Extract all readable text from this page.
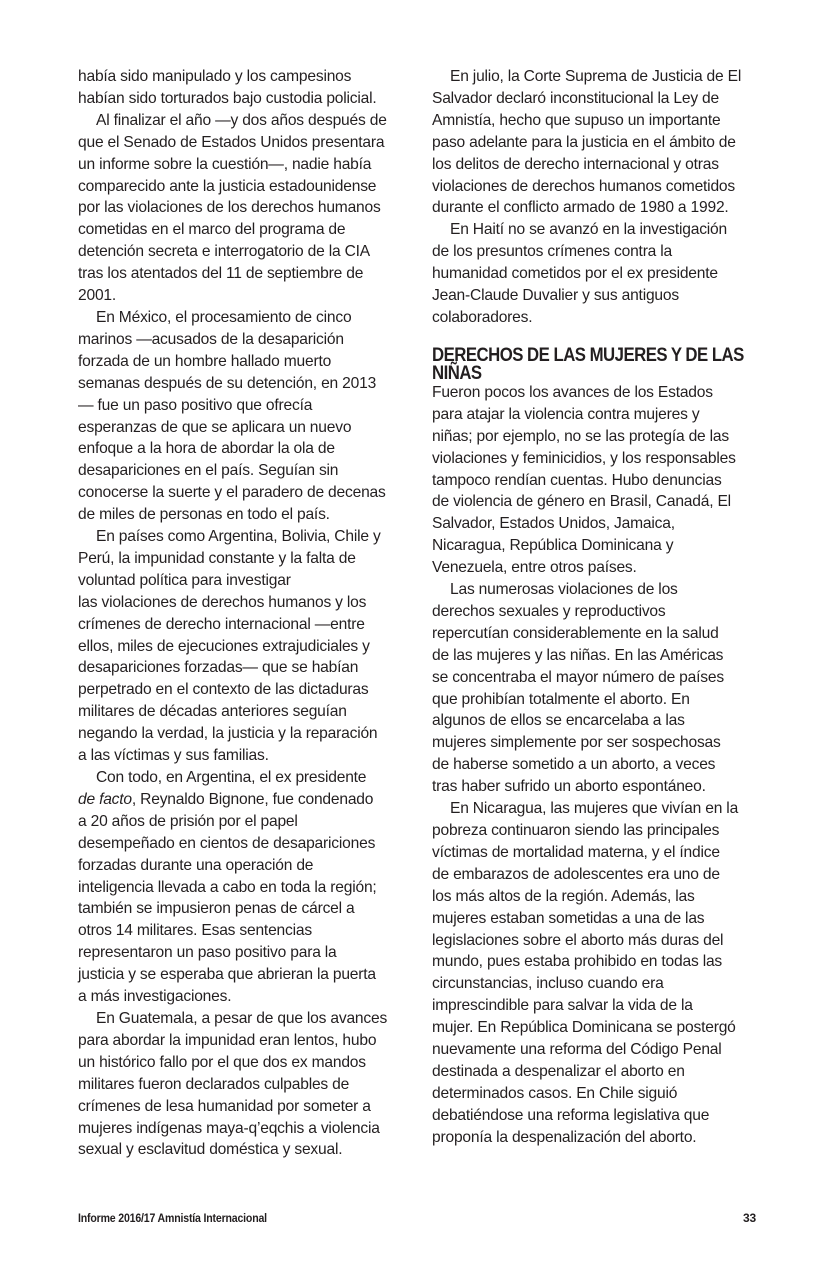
había sido manipulado y los campesinos
habían sido torturados bajo custodia policial.

Al finalizar el año —y dos años después de
que el Senado de Estados Unidos presentara
un informe sobre la cuestión—, nadie había
comparecido ante la justicia estadounidense
por las violaciones de los derechos humanos
cometidas en el marco del programa de
detención secreta e interrogatorio de la CIA
tras los atentados del 11 de septiembre de
2001.

En México, el procesamiento de cinco
marinos —acusados de la desaparición
forzada de un hombre hallado muerto
semanas después de su detención, en 2013
— fue un paso positivo que ofrecía
esperanzas de que se aplicara un nuevo
enfoque a la hora de abordar la ola de
desapariciones en el país. Seguían sin
conocerse la suerte y el paradero de decenas
de miles de personas en todo el país.

En países como Argentina, Bolivia, Chile y
Perú, la impunidad constante y la falta de
voluntad política para investigar
las violaciones de derechos humanos y los
crímenes de derecho internacional —entre
ellos, miles de ejecuciones extrajudiciales y
desapariciones forzadas— que se habían
perpetrado en el contexto de las dictaduras
militares de décadas anteriores seguían
negando la verdad, la justicia y la reparación
a las víctimas y sus familias.

Con todo, en Argentina, el ex presidente
de facto, Reynaldo Bignone, fue condenado
a 20 años de prisión por el papel
desempeñado en cientos de desapariciones
forzadas durante una operación de
inteligencia llevada a cabo en toda la región;
también se impusieron penas de cárcel a
otros 14 militares. Esas sentencias
representaron un paso positivo para la
justicia y se esperaba que abrieran la puerta
a más investigaciones.

En Guatemala, a pesar de que los avances
para abordar la impunidad eran lentos, hubo
un histórico fallo por el que dos ex mandos
militares fueron declarados culpables de
crímenes de lesa humanidad por someter a
mujeres indígenas maya-q’eqchis a violencia
sexual y esclavitud doméstica y sexual.

En julio, la Corte Suprema de Justicia de El
Salvador declaró inconstitucional la Ley de
Amnistía, hecho que supuso un importante
paso adelante para la justicia en el ámbito de
los delitos de derecho internacional y otras
violaciones de derechos humanos cometidos
durante el conflicto armado de 1980 a 1992.

En Haití no se avanzó en la investigación
de los presuntos crímenes contra la
humanidad cometidos por el ex presidente
Jean-Claude Duvalier y sus antiguos
colaboradores.

DERECHOS DE LAS MUJERES Y DE LAS NIÑAS

Fueron pocos los avances de los Estados
para atajar la violencia contra mujeres y
niñas; por ejemplo, no se las protegía de las
violaciones y feminicidios, y los responsables
tampoco rendían cuentas. Hubo denuncias
de violencia de género en Brasil, Canadá, El
Salvador, Estados Unidos, Jamaica,
Nicaragua, República Dominicana y
Venezuela, entre otros países.

Las numerosas violaciones de los
derechos sexuales y reproductivos
repercutían considerablemente en la salud
de las mujeres y las niñas. En las Américas
se concentraba el mayor número de países
que prohibían totalmente el aborto. En
algunos de ellos se encarcelaba a las
mujeres simplemente por ser sospechosas
de haberse sometido a un aborto, a veces
tras haber sufrido un aborto espontáneo.

En Nicaragua, las mujeres que vivían en la
pobreza continuaron siendo las principales
víctimas de mortalidad materna, y el índice
de embarazos de adolescentes era uno de
los más altos de la región. Además, las
mujeres estaban sometidas a una de las
legislaciones sobre el aborto más duras del
mundo, pues estaba prohibido en todas las
circunstancias, incluso cuando era
imprescindible para salvar la vida de la
mujer. En República Dominicana se postergó
nuevamente una reforma del Código Penal
destinada a despenalizar el aborto en
determinados casos. En Chile siguió
debatiéndose una reforma legislativa que
proponía la despenalización del aborto.

Informe 2016/17 Amnistía Internacional	33
